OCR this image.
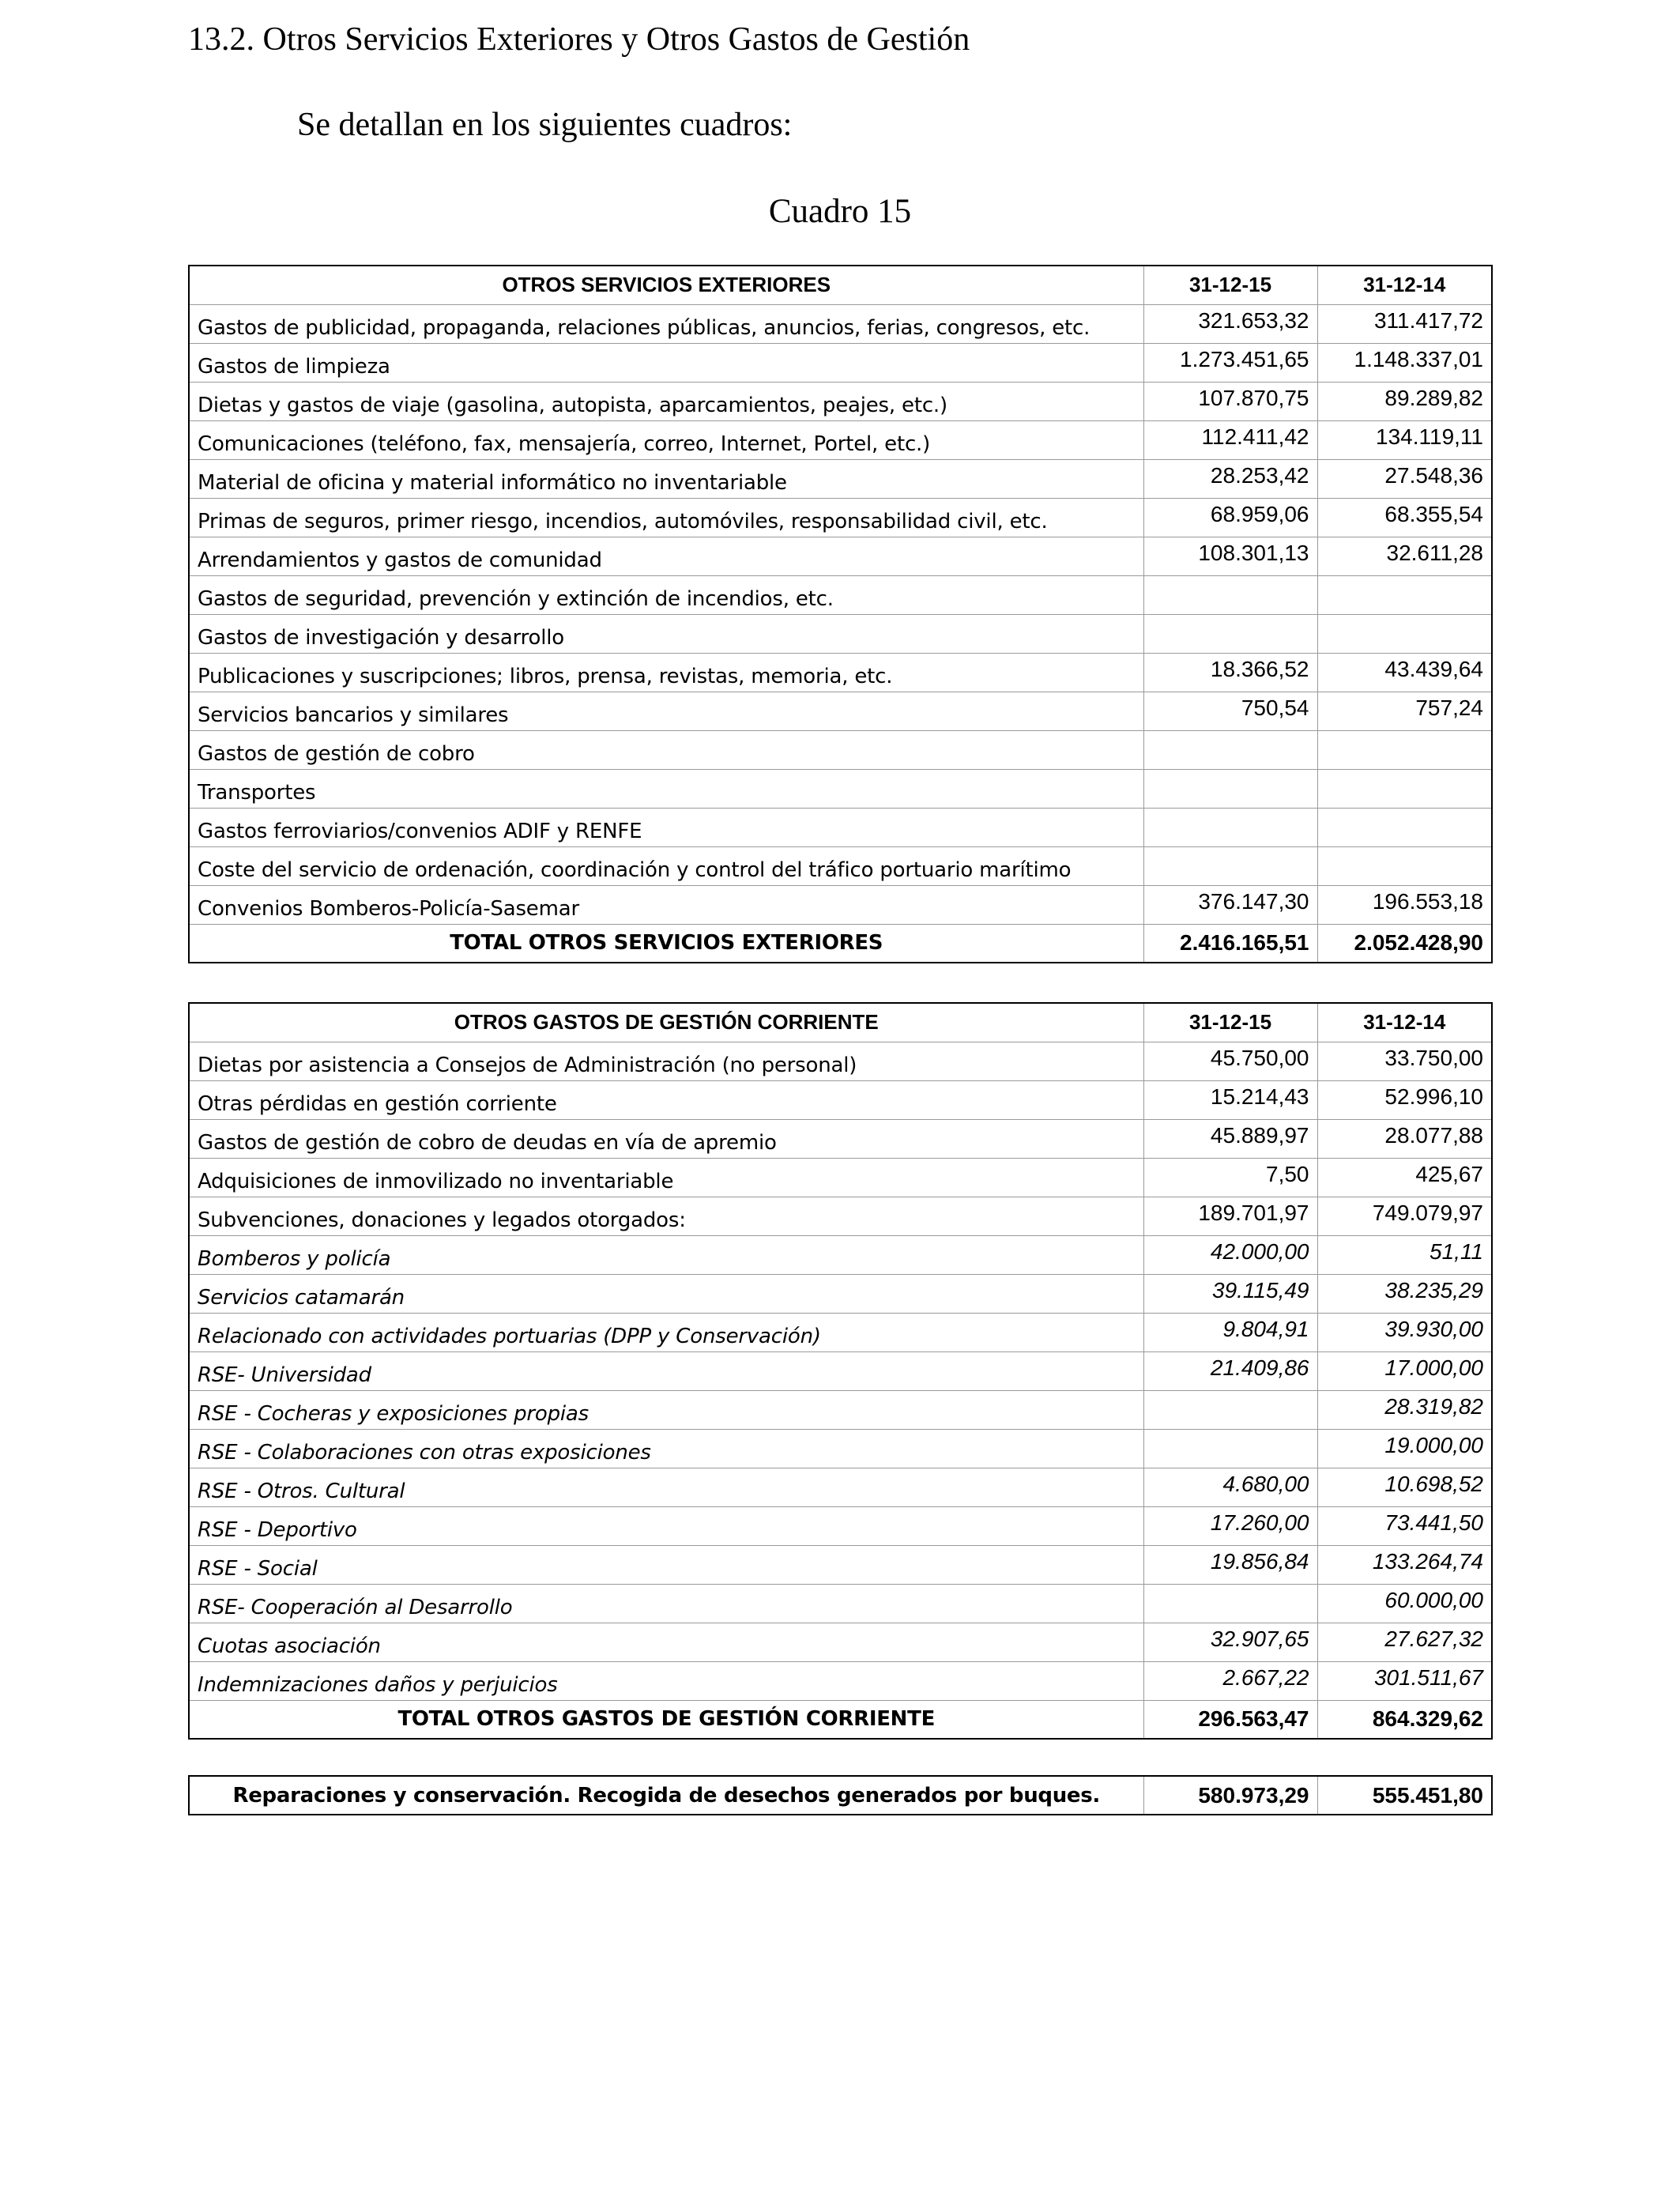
13.2. Otros Servicios Exteriores y Otros Gastos de Gestión
Se detallan en los siguientes cuadros:
Cuadro 15
OTROS SERVICIOS EXTERIORES	31-12-15	31-12-14
Gastos de publicidad, propaganda, relaciones públicas, anuncios, ferias, congresos, etc.	321.653,32	311.417,72
Gastos de limpieza	1.273.451,65	1.148.337,01
Dietas y gastos de viaje (gasolina, autopista, aparcamientos, peajes, etc.)	107.870,75	89.289,82
Comunicaciones (teléfono, fax, mensajería, correo, Internet, Portel, etc.)	112.411,42	134.119,11
Material de oficina y material informático no inventariable	28.253,42	27.548,36
Primas de seguros, primer riesgo, incendios, automóviles, responsabilidad civil, etc.	68.959,06	68.355,54
Arrendamientos y gastos de comunidad	108.301,13	32.611,28
Gastos de seguridad, prevención y extinción de incendios, etc.		
Gastos de investigación y desarrollo		
Publicaciones y suscripciones; libros, prensa, revistas, memoria, etc.	18.366,52	43.439,64
Servicios bancarios y similares	750,54	757,24
Gastos de gestión de cobro		
Transportes		
Gastos ferroviarios/convenios ADIF y RENFE		
Coste del servicio de ordenación, coordinación y control del tráfico portuario marítimo		
Convenios Bomberos-Policía-Sasemar	376.147,30	196.553,18
TOTAL OTROS SERVICIOS EXTERIORES	2.416.165,51	2.052.428,90
OTROS GASTOS DE GESTIÓN CORRIENTE	31-12-15	31-12-14
Dietas por asistencia a Consejos de Administración (no personal)	45.750,00	33.750,00
Otras pérdidas en gestión corriente	15.214,43	52.996,10
Gastos de gestión de cobro de deudas en vía de apremio	45.889,97	28.077,88
Adquisiciones de inmovilizado no inventariable	7,50	425,67
Subvenciones, donaciones y legados otorgados:	189.701,97	749.079,97
Bomberos y policía	42.000,00	51,11
Servicios catamarán	39.115,49	38.235,29
Relacionado con actividades portuarias (DPP y Conservación)	9.804,91	39.930,00
RSE- Universidad	21.409,86	17.000,00
RSE - Cocheras y exposiciones propias		28.319,82
RSE - Colaboraciones con otras exposiciones		19.000,00
RSE - Otros. Cultural	4.680,00	10.698,52
RSE - Deportivo	17.260,00	73.441,50
RSE - Social	19.856,84	133.264,74
RSE- Cooperación al Desarrollo		60.000,00
Cuotas asociación	32.907,65	27.627,32
Indemnizaciones daños y perjuicios	2.667,22	301.511,67
TOTAL OTROS GASTOS DE GESTIÓN CORRIENTE	296.563,47	864.329,62
Reparaciones y conservación. Recogida de desechos generados por buques.	580.973,29	555.451,80
